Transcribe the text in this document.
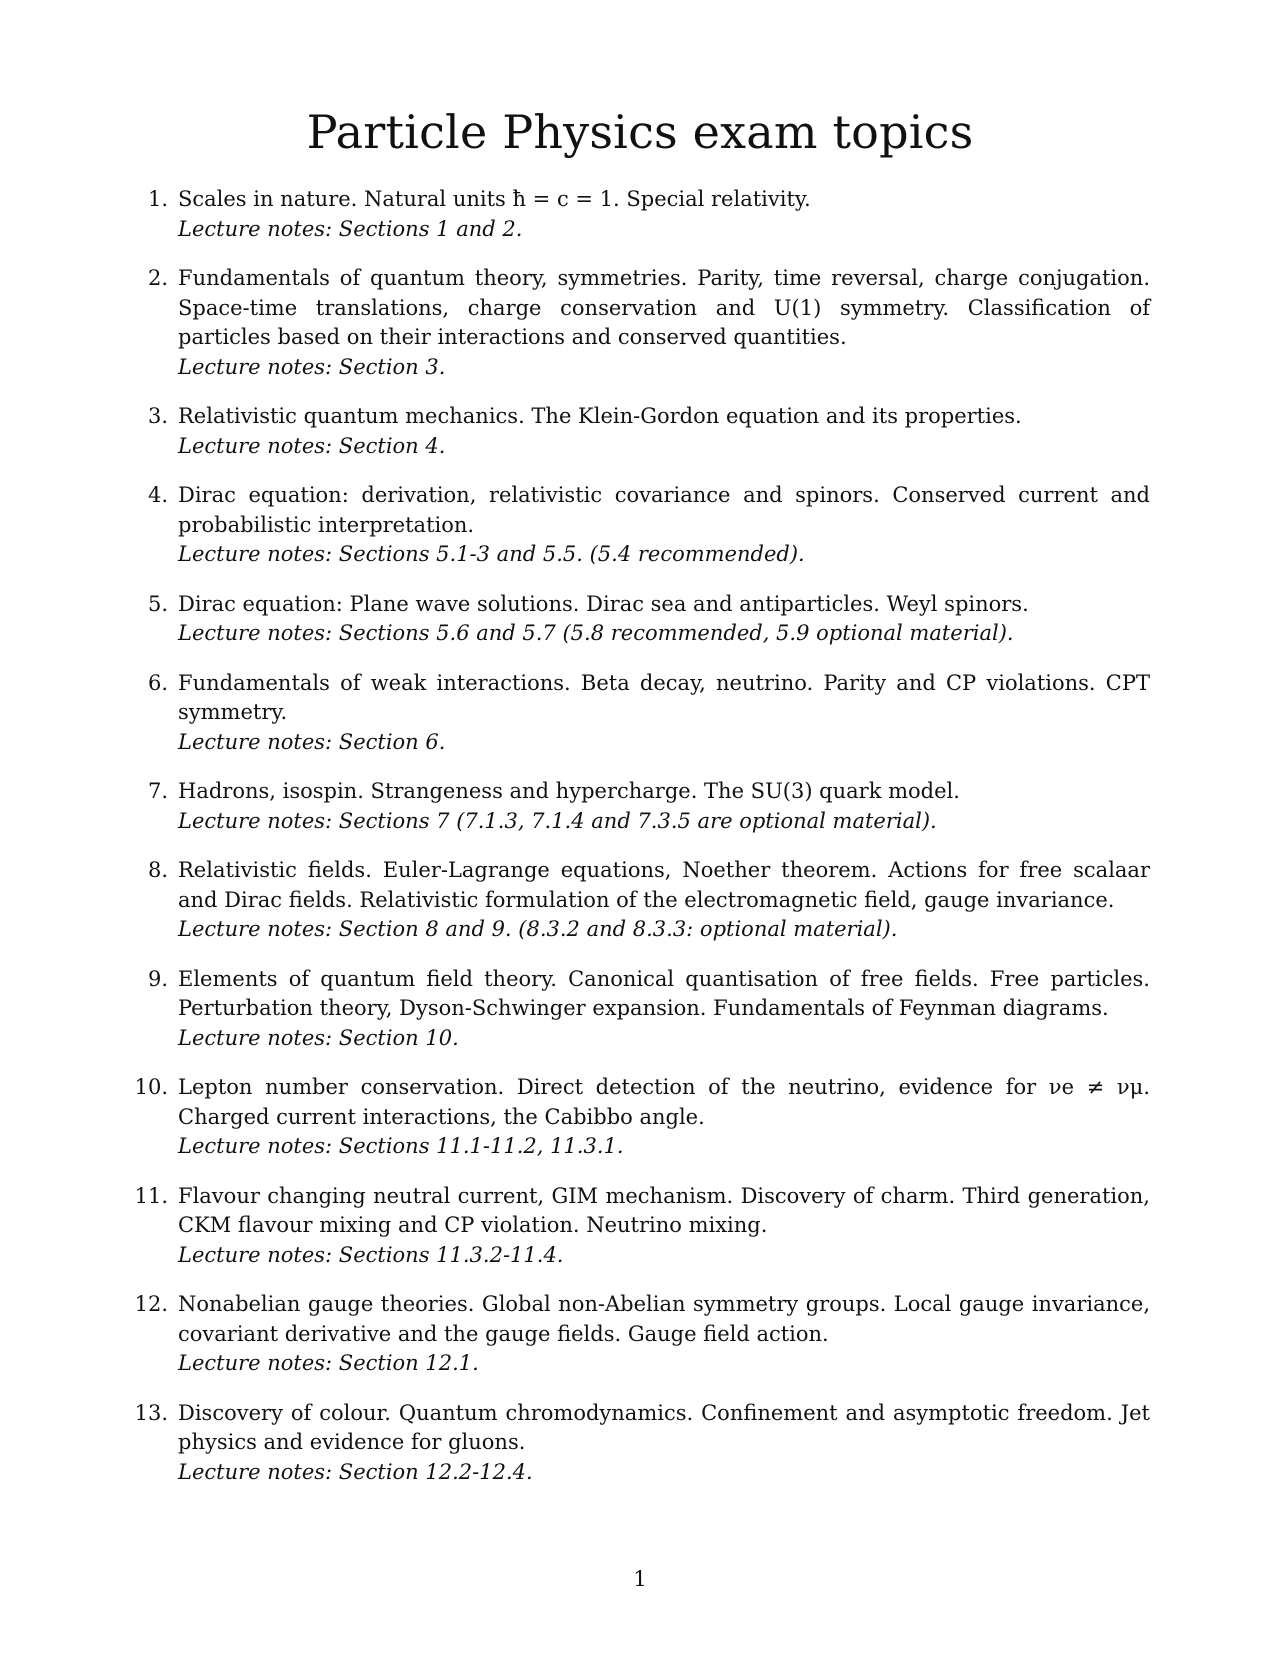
Particle Physics exam topics
1. Scales in nature. Natural units ħ = c = 1. Special relativity.

Lecture notes: Sections 1 and 2.

2. Fundamentals of quantum theory, symmetries. Parity, time reversal, charge conjugation. Space-time translations, charge conservation and U(1) symmetry. Classification of particles based on their interactions and conserved quantities.

Lecture notes: Section 3.

3. Relativistic quantum mechanics. The Klein-Gordon equation and its properties.

Lecture notes: Section 4.

4. Dirac equation: derivation, relativistic covariance and spinors. Conserved current and probabilistic interpretation.

Lecture notes: Sections 5.1-3 and 5.5. (5.4 recommended).

5. Dirac equation: Plane wave solutions. Dirac sea and antiparticles. Weyl spinors.

Lecture notes: Sections 5.6 and 5.7 (5.8 recommended, 5.9 optional material).

6. Fundamentals of weak interactions. Beta decay, neutrino. Parity and CP violations. CPT symmetry.

Lecture notes: Section 6.

7. Hadrons, isospin. Strangeness and hypercharge. The SU(3) quark model.

Lecture notes: Sections 7 (7.1.3, 7.1.4 and 7.3.5 are optional material).

8. Relativistic fields. Euler-Lagrange equations, Noether theorem. Actions for free scalaar and Dirac fields. Relativistic formulation of the electromagnetic field, gauge invariance.

Lecture notes: Section 8 and 9. (8.3.2 and 8.3.3: optional material).

9. Elements of quantum field theory. Canonical quantisation of free fields. Free particles. Perturbation theory, Dyson-Schwinger expansion. Fundamentals of Feynman diagrams.

Lecture notes: Section 10.

10. Lepton number conservation. Direct detection of the neutrino, evidence for νe ≠ νμ. Charged current interactions, the Cabibbo angle.

Lecture notes: Sections 11.1-11.2, 11.3.1.

11. Flavour changing neutral current, GIM mechanism. Discovery of charm. Third generation, CKM flavour mixing and CP violation. Neutrino mixing.

Lecture notes: Sections 11.3.2-11.4.

12. Nonabelian gauge theories. Global non-Abelian symmetry groups. Local gauge invariance, covariant derivative and the gauge fields. Gauge field action.

Lecture notes: Section 12.1.

13. Discovery of colour. Quantum chromodynamics. Confinement and asymptotic freedom. Jet physics and evidence for gluons.

Lecture notes: Section 12.2-12.4.

1
